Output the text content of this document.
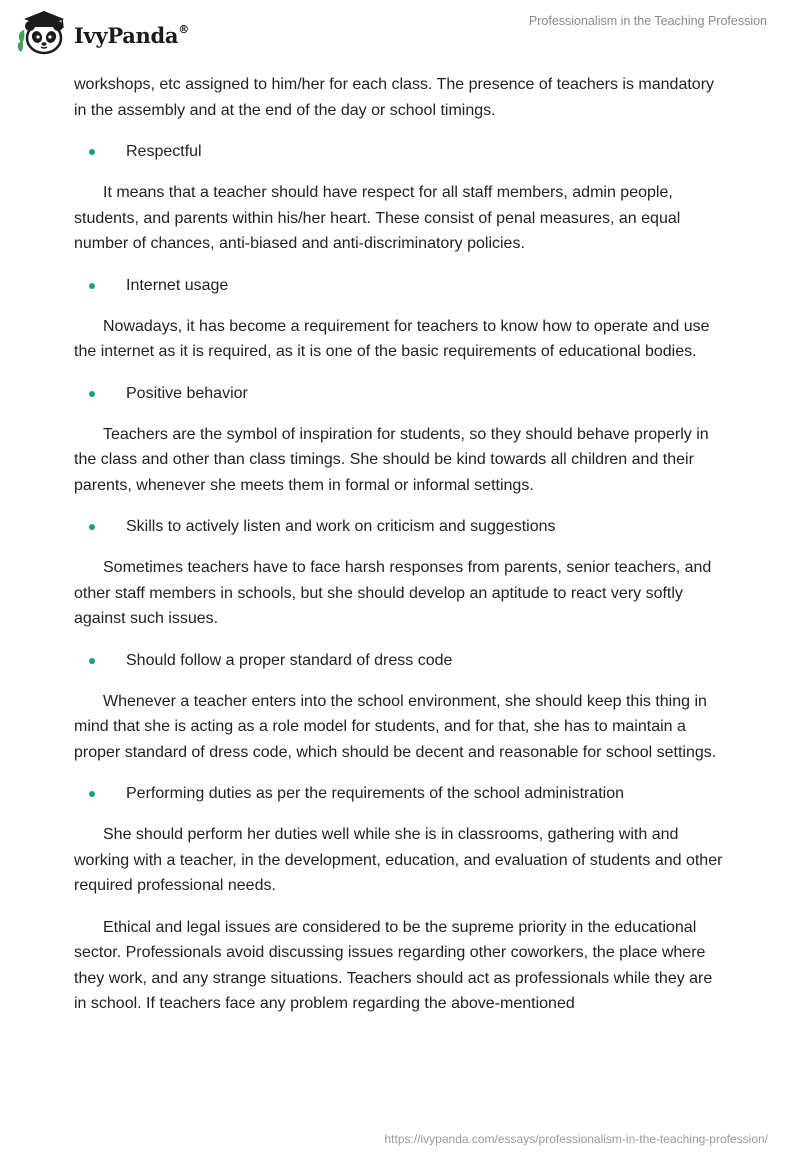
IvyPanda®
Professionalism in the Teaching Profession

workshops, etc assigned to him/her for each class. The presence of teachers is mandatory in the assembly and at the end of the day or school timings.

Respectful

It means that a teacher should have respect for all staff members, admin people, students, and parents within his/her heart. These consist of penal measures, an equal number of chances, anti-biased and anti-discriminatory policies.

Internet usage

Nowadays, it has become a requirement for teachers to know how to operate and use the internet as it is required, as it is one of the basic requirements of educational bodies.

Positive behavior

Teachers are the symbol of inspiration for students, so they should behave properly in the class and other than class timings. She should be kind towards all children and their parents, whenever she meets them in formal or informal settings.

Skills to actively listen and work on criticism and suggestions

Sometimes teachers have to face harsh responses from parents, senior teachers, and other staff members in schools, but she should develop an aptitude to react very softly against such issues.

Should follow a proper standard of dress code

Whenever a teacher enters into the school environment, she should keep this thing in mind that she is acting as a role model for students, and for that, she has to maintain a proper standard of dress code, which should be decent and reasonable for school settings.

Performing duties as per the requirements of the school administration

She should perform her duties well while she is in classrooms, gathering with and working with a teacher, in the development, education, and evaluation of students and other required professional needs.

Ethical and legal issues are considered to be the supreme priority in the educational sector. Professionals avoid discussing issues regarding other coworkers, the place where they work, and any strange situations. Teachers should act as professionals while they are in school. If teachers face any problem regarding the above-mentioned

https://ivypanda.com/essays/professionalism-in-the-teaching-profession/
